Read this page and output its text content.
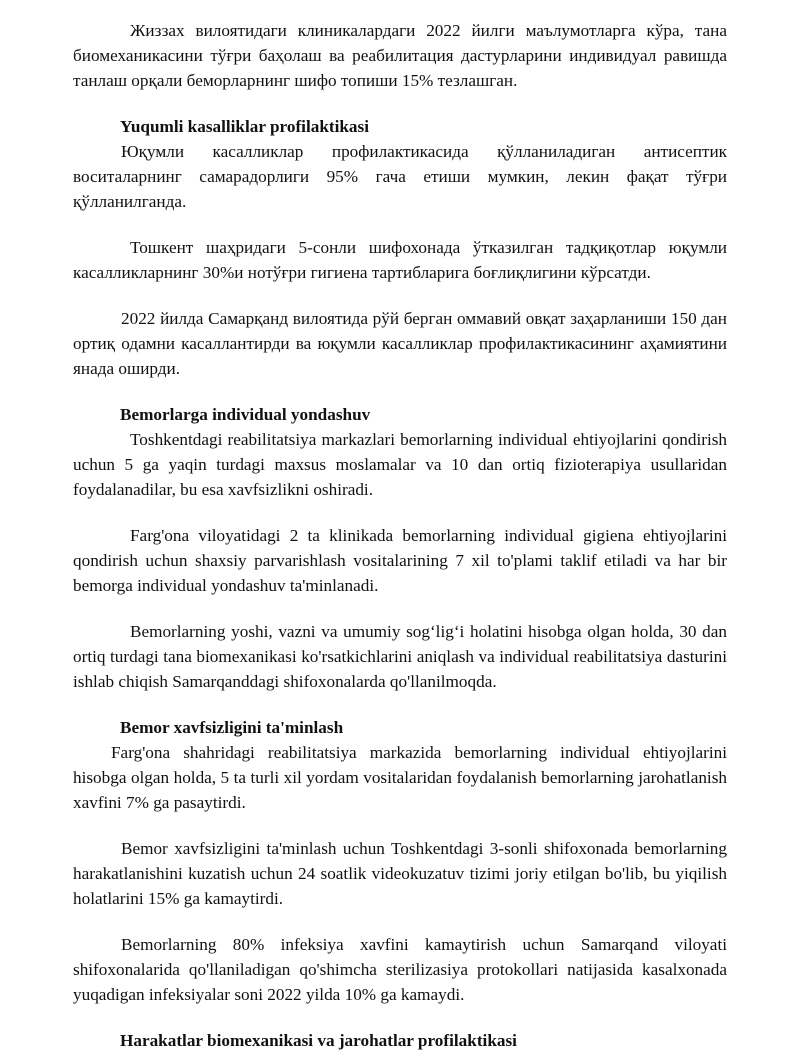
Жиззах вилоятидаги клиникалардаги 2022 йилги маълумотларга кўра, тана биомеханикасини тўғри баҳолаш ва реабилитация дастурларини индивидуал равишда танлаш орқали беморларнинг шифо топиши 15% тезлашган.

Yuqumli kasalliklar profilaktikasi

Юқумли касалликлар профилактикасида қўлланиладиган антисептик воситаларнинг самарадорлиги 95% гача етиши мумкин, лекин фақат тўғри қўлланилганда.

Тошкент шаҳридаги 5-сонли шифохонада ўтказилган тадқиқотлар юқумли касалликларнинг 30%и нотўғри гигиена тартибларига боғлиқлигини кўрсатди.

2022 йилда Самарқанд вилоятида рўй берган оммавий овқат заҳарланиши 150 дан ортиқ одамни касаллантирди ва юқумли касалликлар профилактикасининг аҳамиятини янада оширди.

Bemorlarga individual yondashuv

Toshkentdagi reabilitatsiya markazlari bemorlarning individual ehtiyojlarini qondirish uchun 5 ga yaqin turdagi maxsus moslamalar va 10 dan ortiq fizioterapiya usullaridan foydalanadilar, bu esa xavfsizlikni oshiradi.

Farg'ona viloyatidagi 2 ta klinikada bemorlarning individual gigiena ehtiyojlarini qondirish uchun shaxsiy parvarishlash vositalarining 7 xil to'plami taklif etiladi va har bir bemorga individual yondashuv ta'minlanadi.

Bemorlarning yoshi, vazni va umumiy sog‘lig‘i holatini hisobga olgan holda, 30 dan ortiq turdagi tana biomexanikasi ko'rsatkichlarini aniqlash va individual reabilitatsiya dasturini ishlab chiqish Samarqanddagi shifoxonalarda qo'llanilmoqda.

Bemor xavfsizligini ta'minlash

Farg'ona shahridagi reabilitatsiya markazida bemorlarning individual ehtiyojlarini hisobga olgan holda, 5 ta turli xil yordam vositalaridan foydalanish bemorlarning jarohatlanish xavfini 7% ga pasaytirdi.

Bemor xavfsizligini ta'minlash uchun Toshkentdagi 3-sonli shifoxonada bemorlarning harakatlanishini kuzatish uchun 24 soatlik videokuzatuv tizimi joriy etilgan bo'lib, bu yiqilish holatlarini 15% ga kamaytirdi.

Bemorlarning 80% infeksiya xavfini kamaytirish uchun Samarqand viloyati shifoxonalarida qo'llaniladigan qo'shimcha sterilizasiya protokollari natijasida kasalxonada yuqadigan infeksiyalar soni 2022 yilda 10% ga kamaydi.

Harakatlar biomexanikasi va jarohatlar profilaktikasi
